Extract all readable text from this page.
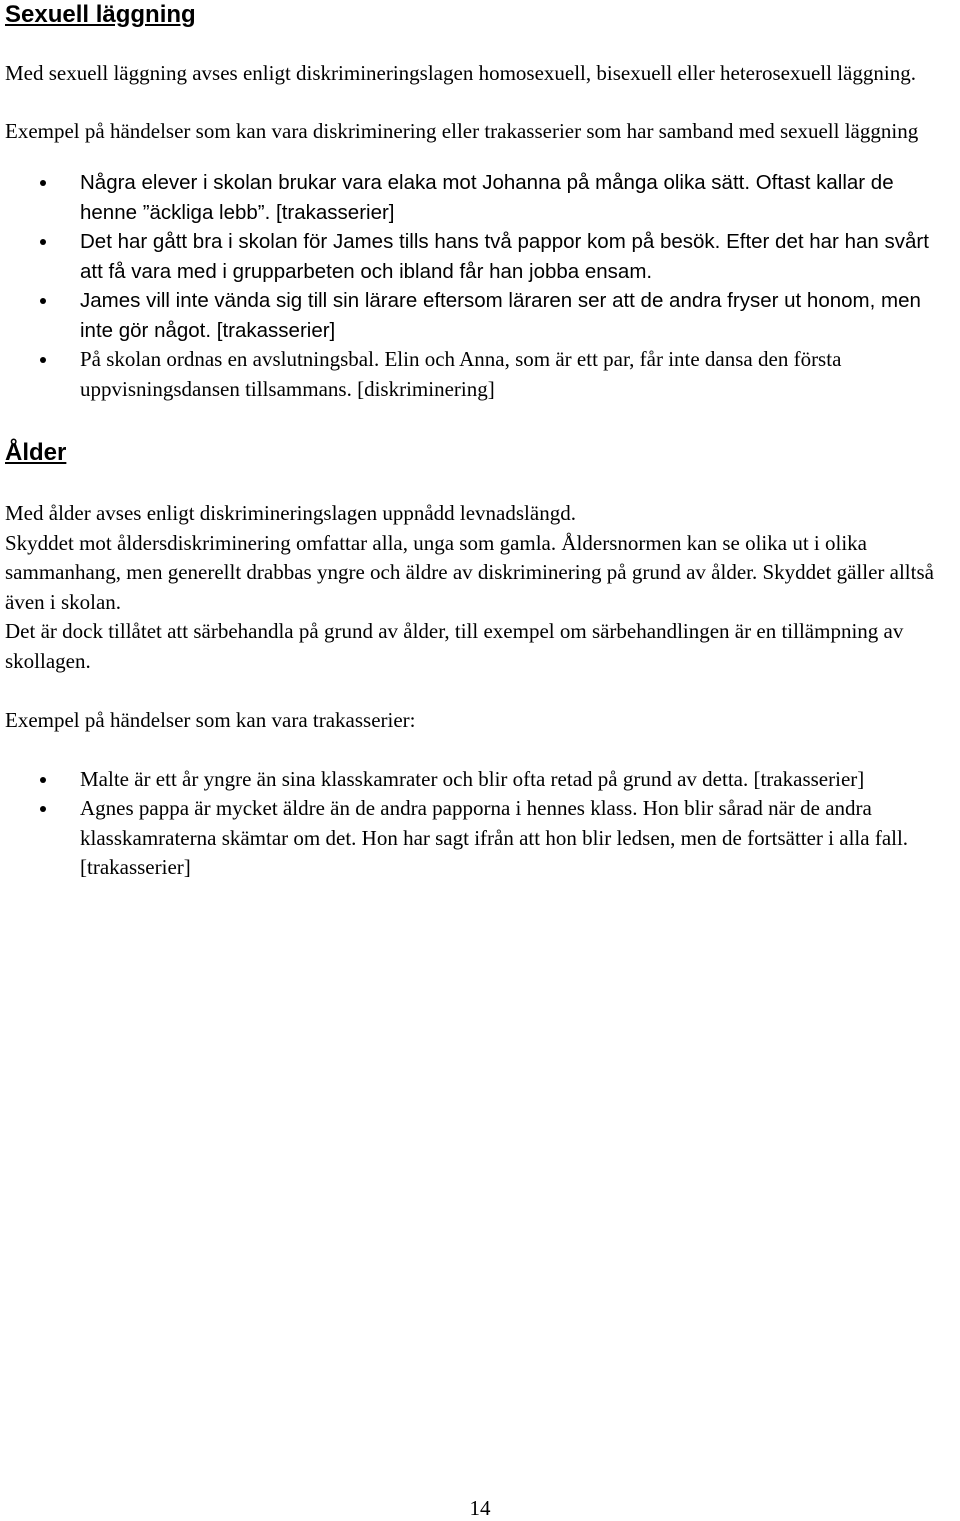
Sexuell läggning

Med sexuell läggning avses enligt diskrimineringslagen homosexuell, bisexuell eller heterosexuell läggning.

Exempel på händelser som kan vara diskriminering eller trakasserier som har samband med sexuell läggning

Några elever i skolan brukar vara elaka mot Johanna på många olika sätt. Oftast kallar de henne ”äckliga lebb”. [trakasserier]
Det har gått bra i skolan för James tills hans två pappor kom på besök. Efter det har han svårt att få vara med i grupparbeten och ibland får han jobba ensam.
James vill inte vända sig till sin lärare eftersom läraren ser att de andra fryser ut honom, men inte gör något. [trakasserier]
På skolan ordnas en avslutningsbal. Elin och Anna, som är ett par, får inte dansa den första uppvisningsdansen tillsammans. [diskriminering]
Ålder

Med ålder avses enligt diskrimineringslagen uppnådd levnadslängd.

Skyddet mot åldersdiskriminering omfattar alla, unga som gamla. Åldersnormen kan se olika ut i olika sammanhang, men generellt drabbas yngre och äldre av diskriminering på grund av ålder. Skyddet gäller alltså även i skolan.

Det är dock tillåtet att särbehandla på grund av ålder, till exempel om särbehandlingen är en tillämpning av skollagen.

Exempel på händelser som kan vara trakasserier:

Malte är ett år yngre än sina klasskamrater och blir ofta retad på grund av detta. [trakasserier]
Agnes pappa är mycket äldre än de andra papporna i hennes klass. Hon blir sårad när de andra klasskamraterna skämtar om det. Hon har sagt ifrån att hon blir ledsen, men de fortsätter i alla fall. [trakasserier]
14
